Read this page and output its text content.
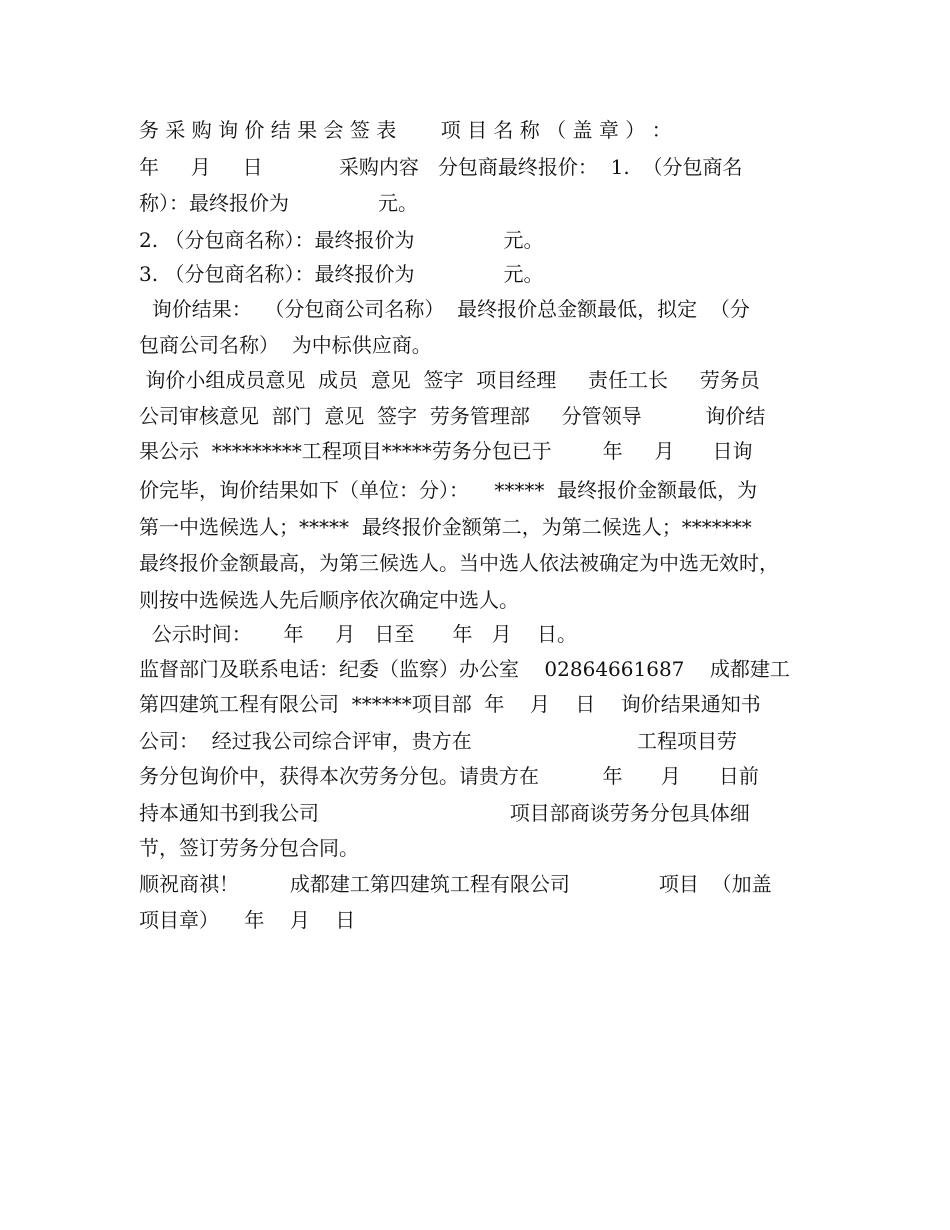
务 采 购 询 价 结 果 会 签 表       项 目 名 称 （ 盖 章 ） ：
年     月     日            采购内容   分包商最终报价：  1.  （分包商名
称）：最终报价为              元。
2. （分包商名称）：最终报价为              元。
3. （分包商名称）：最终报价为              元。
询价结果：  （分包商公司名称）  最终报价总金额最低，拟定  （分
包商公司名称）  为中标供应商。
询价小组成员意见  成员  意见  签字  项目经理     责任工长     劳务员
公司审核意见  部门  意见  签字  劳务管理部     分管领导          询价结
果公示  *********工程项目*****劳务分包已于        年     月      日询
价完毕，询价结果如下（单位：分）：    *****  最终报价金额最低，为
第一中选候选人；*****  最终报价金额第二，为第二候选人；*******
最终报价金额最高，为第三候选人。当中选人依法被确定为中选无效时，
则按中选候选人先后顺序依次确定中选人。
公示时间：     年     月   日至      年   月    日。
监督部门及联系电话：纪委（监察）办公室    02864661687    成都建工
第四建筑工程有限公司  ******项目部  年    月    日    询价结果通知书
公司：  经过我公司综合评审，贵方在                          工程项目劳
务分包询价中，获得本次劳务分包。请贵方在          年      月      日前
持本通知书到我公司                              项目部商谈劳务分包具体细
节，签订劳务分包合同。
顺祝商祺！        成都建工第四建筑工程有限公司              项目  （加盖
项目章）    年    月    日
